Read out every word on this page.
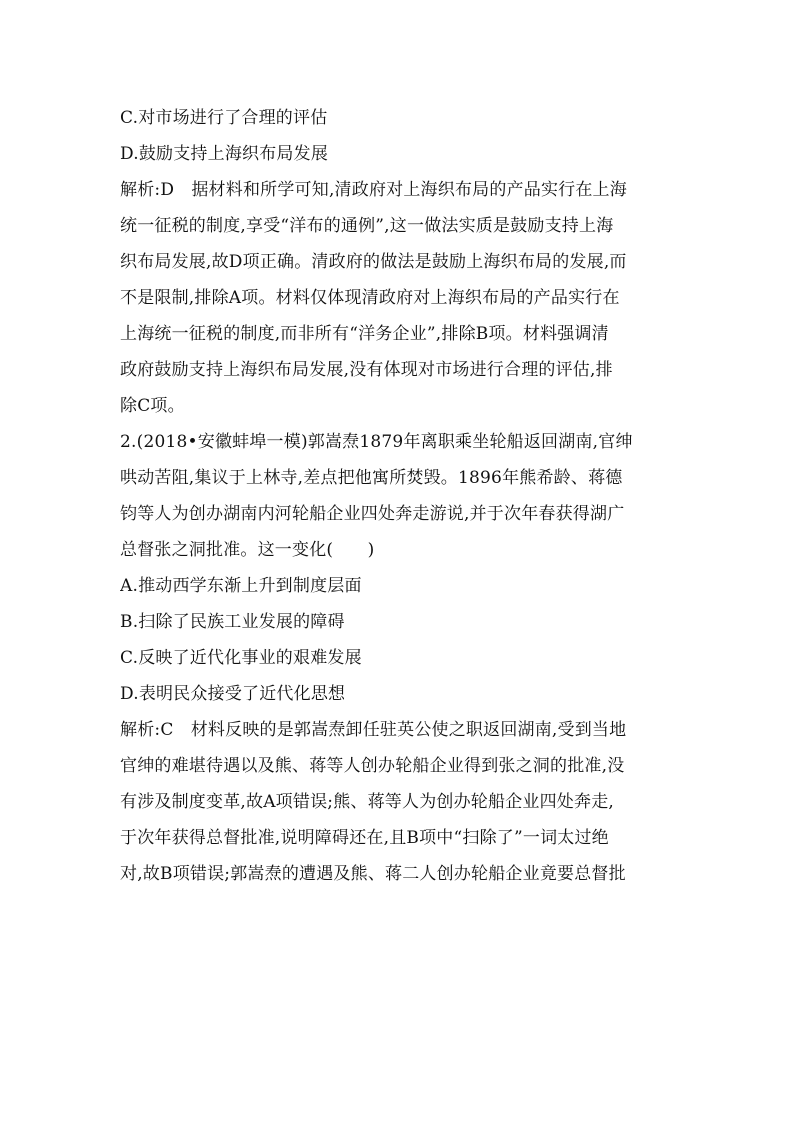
C.对市场进行了合理的评估
D.鼓励支持上海织布局发展
解析:D　据材料和所学可知,清政府对上海织布局的产品实行在上海
统一征税的制度,享受“洋布的通例”,这一做法实质是鼓励支持上海
织布局发展,故D项正确。清政府的做法是鼓励上海织布局的发展,而
不是限制,排除A项。材料仅体现清政府对上海织布局的产品实行在
上海统一征税的制度,而非所有“洋务企业”,排除B项。材料强调清
政府鼓励支持上海织布局发展,没有体现对市场进行合理的评估,排
除C项。
2.(2018•安徽蚌埠一模)郭嵩焘1879年离职乘坐轮船返回湖南,官绅
哄动苦阻,集议于上林寺,差点把他寓所焚毁。1896年熊希龄、蒋德
钧等人为创办湖南内河轮船企业四处奔走游说,并于次年春获得湖广
总督张之洞批准。这一变化(　　)
A.推动西学东渐上升到制度层面
B.扫除了民族工业发展的障碍
C.反映了近代化事业的艰难发展
D.表明民众接受了近代化思想
解析:C　材料反映的是郭嵩焘卸任驻英公使之职返回湖南,受到当地
官绅的难堪待遇以及熊、蒋等人创办轮船企业得到张之洞的批准,没
有涉及制度变革,故A项错误;熊、蒋等人为创办轮船企业四处奔走,
于次年获得总督批准,说明障碍还在,且B项中“扫除了”一词太过绝
对,故B项错误;郭嵩焘的遭遇及熊、蒋二人创办轮船企业竟要总督批
